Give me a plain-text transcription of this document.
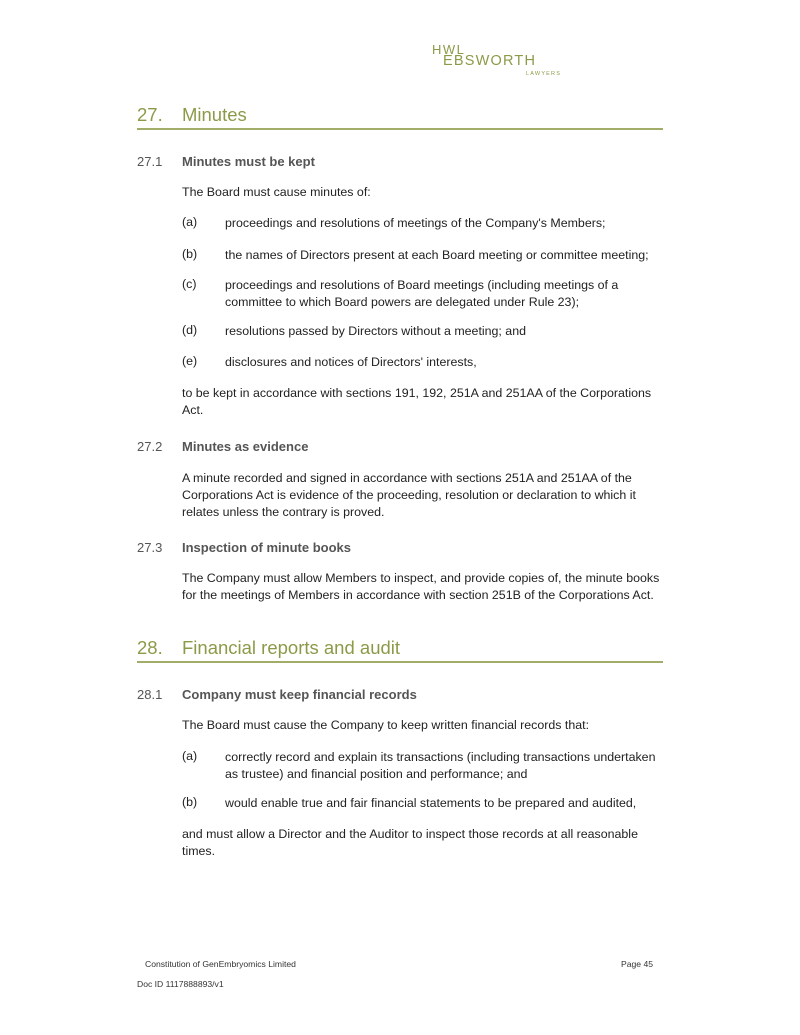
HWL
EBSWORTH
LAWYERS
27. Minutes
27.1 Minutes must be kept
The Board must cause minutes of:
(a) proceedings and resolutions of meetings of the Company's Members;
(b) the names of Directors present at each Board meeting or committee meeting;
(c) proceedings and resolutions of Board meetings (including meetings of a committee to which Board powers are delegated under Rule 23);
(d) resolutions passed by Directors without a meeting; and
(e) disclosures and notices of Directors' interests,
to be kept in accordance with sections 191, 192, 251A and 251AA of the Corporations Act.
27.2 Minutes as evidence
A minute recorded and signed in accordance with sections 251A and 251AA of the Corporations Act is evidence of the proceeding, resolution or declaration to which it relates unless the contrary is proved.
27.3 Inspection of minute books
The Company must allow Members to inspect, and provide copies of, the minute books for the meetings of Members in accordance with section 251B of the Corporations Act.
28. Financial reports and audit
28.1 Company must keep financial records
The Board must cause the Company to keep written financial records that:
(a) correctly record and explain its transactions (including transactions undertaken as trustee) and financial position and performance; and
(b) would enable true and fair financial statements to be prepared and audited,
and must allow a Director and the Auditor to inspect those records at all reasonable times.
Constitution of GenEmbryomics Limited	Page 45
Doc ID 1117888893/v1
